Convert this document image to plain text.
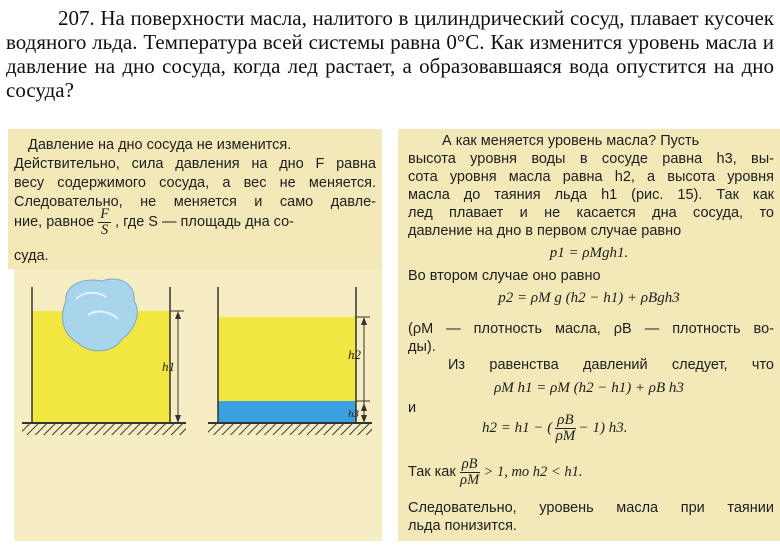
207. На поверхности масла, налитого в цилиндрический сосуд, плавает кусочек водяного льда. Температура всей системы равна 0°С. Как изменится уровень масла и давление на дно сосуда, когда лед растает, а образовавшаяся вода опустится на дно сосуда?

Давление на дно сосуда не изменится.

Действительно, сила давления на дно F равна

весу содержимого сосуда, а вес не меняется.

Следовательно, не меняется и само давле-

ние, равное $\frac{F}{S}$ , где S — площадь дна со-

суда.

h1
h2
h3

А как меняется уровень масла? Пусть

высота уровня воды в сосуде равна h3, вы-

сота уровня масла равна h2, а высота уровня

масла до таяния льда h1 (рис. 15). Так как

лед плавает и не касается дна сосуда, то

давление на дно в первом случае равно

p1 = ρМgh1.

Во втором случае оно равно

p2 = ρМ g (h2 − h1) + ρВgh3

(ρМ — плотность масла, ρВ — плотность во-

ды).

Из равенства давлений следует, что

ρМ h1 = ρМ (h2 − h1) + ρВ h3

и

h2 = h1 − ( $\frac{\rho В}{\rho М} - 1$) h3.
Так как $\frac{\rho В}{\rho М} > 1$, то h2 < h1.

Следовательно, уровень масла при таянии

льда понизится.
